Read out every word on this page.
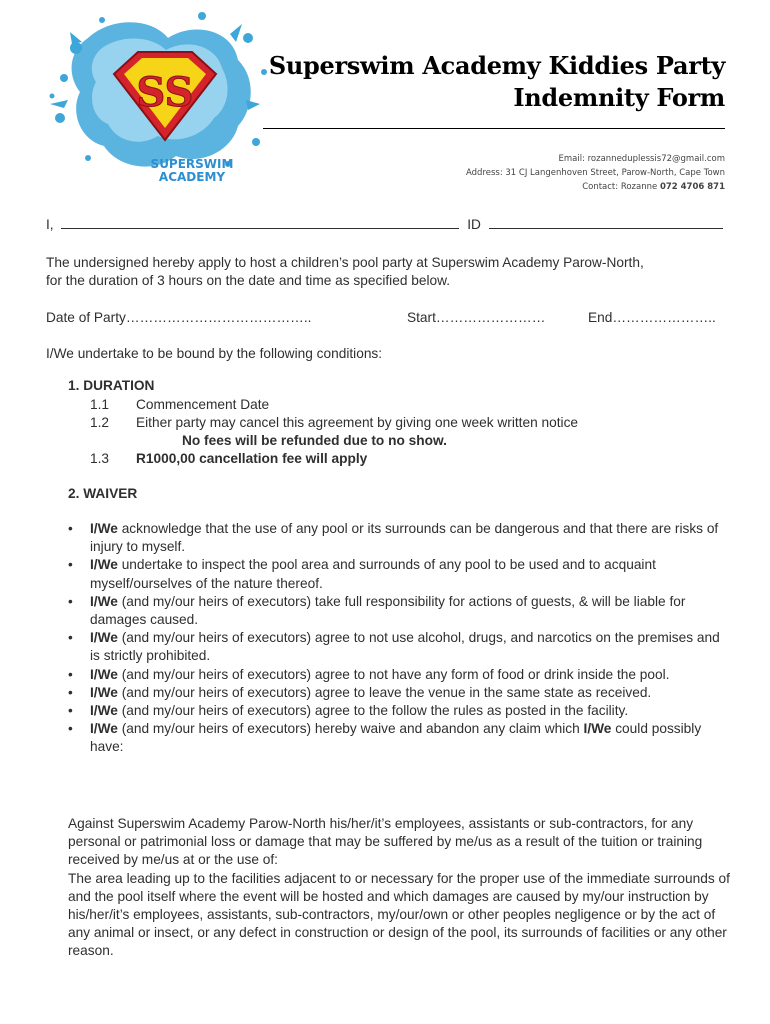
SS
SUPERSWIM
ACADEMY
Superswim Academy Kiddies Party
Indemnity Form
Email: rozanneduplessis72@gmail.com
Address: 31 CJ Langenhoven Street, Parow-North, Cape Town
Contact: Rozanne 072 4706 871
I,	ID
The undersigned hereby apply to host a children’s pool party at Superswim Academy Parow-North,
for the duration of 3 hours on the date and time as specified below.
Date of Party…………………………………..	Start……………………	End…………………..
I/We undertake to be bound by the following conditions:
1. DURATION
1.1 Commencement Date
1.2 Either party may cancel this agreement by giving one week written notice
No fees will be refunded due to no show.
1.3 R1000,00 cancellation fee will apply
2. WAIVER
• I/We acknowledge that the use of any pool or its surrounds can be dangerous and that there are risks of injury to myself.
• I/We undertake to inspect the pool area and surrounds of any pool to be used and to acquaint myself/ourselves of the nature thereof.
• I/We (and my/our heirs of executors) take full responsibility for actions of guests, & will be liable for damages caused.
• I/We (and my/our heirs of executors) agree to not use alcohol, drugs, and narcotics on the premises and is strictly prohibited.
• I/We (and my/our heirs of executors) agree to not have any form of food or drink inside the pool.
• I/We (and my/our heirs of executors) agree to leave the venue in the same state as received.
• I/We (and my/our heirs of executors) agree to the follow the rules as posted in the facility.
• I/We (and my/our heirs of executors) hereby waive and abandon any claim which I/We could possibly have:

Against Superswim Academy Parow-North his/her/it’s employees, assistants or sub-contractors, for any personal or patrimonial loss or damage that may be suffered by me/us as a result of the tuition or training received by me/us at or the use of:

The area leading up to the facilities adjacent to or necessary for the proper use of the immediate surrounds of and the pool itself where the event will be hosted and which damages are caused by my/our instruction by his/her/it’s employees, assistants, sub-contractors, my/our/own or other peoples negligence or by the act of any animal or insect, or any defect in construction or design of the pool, its surrounds of facilities or any other reason.
